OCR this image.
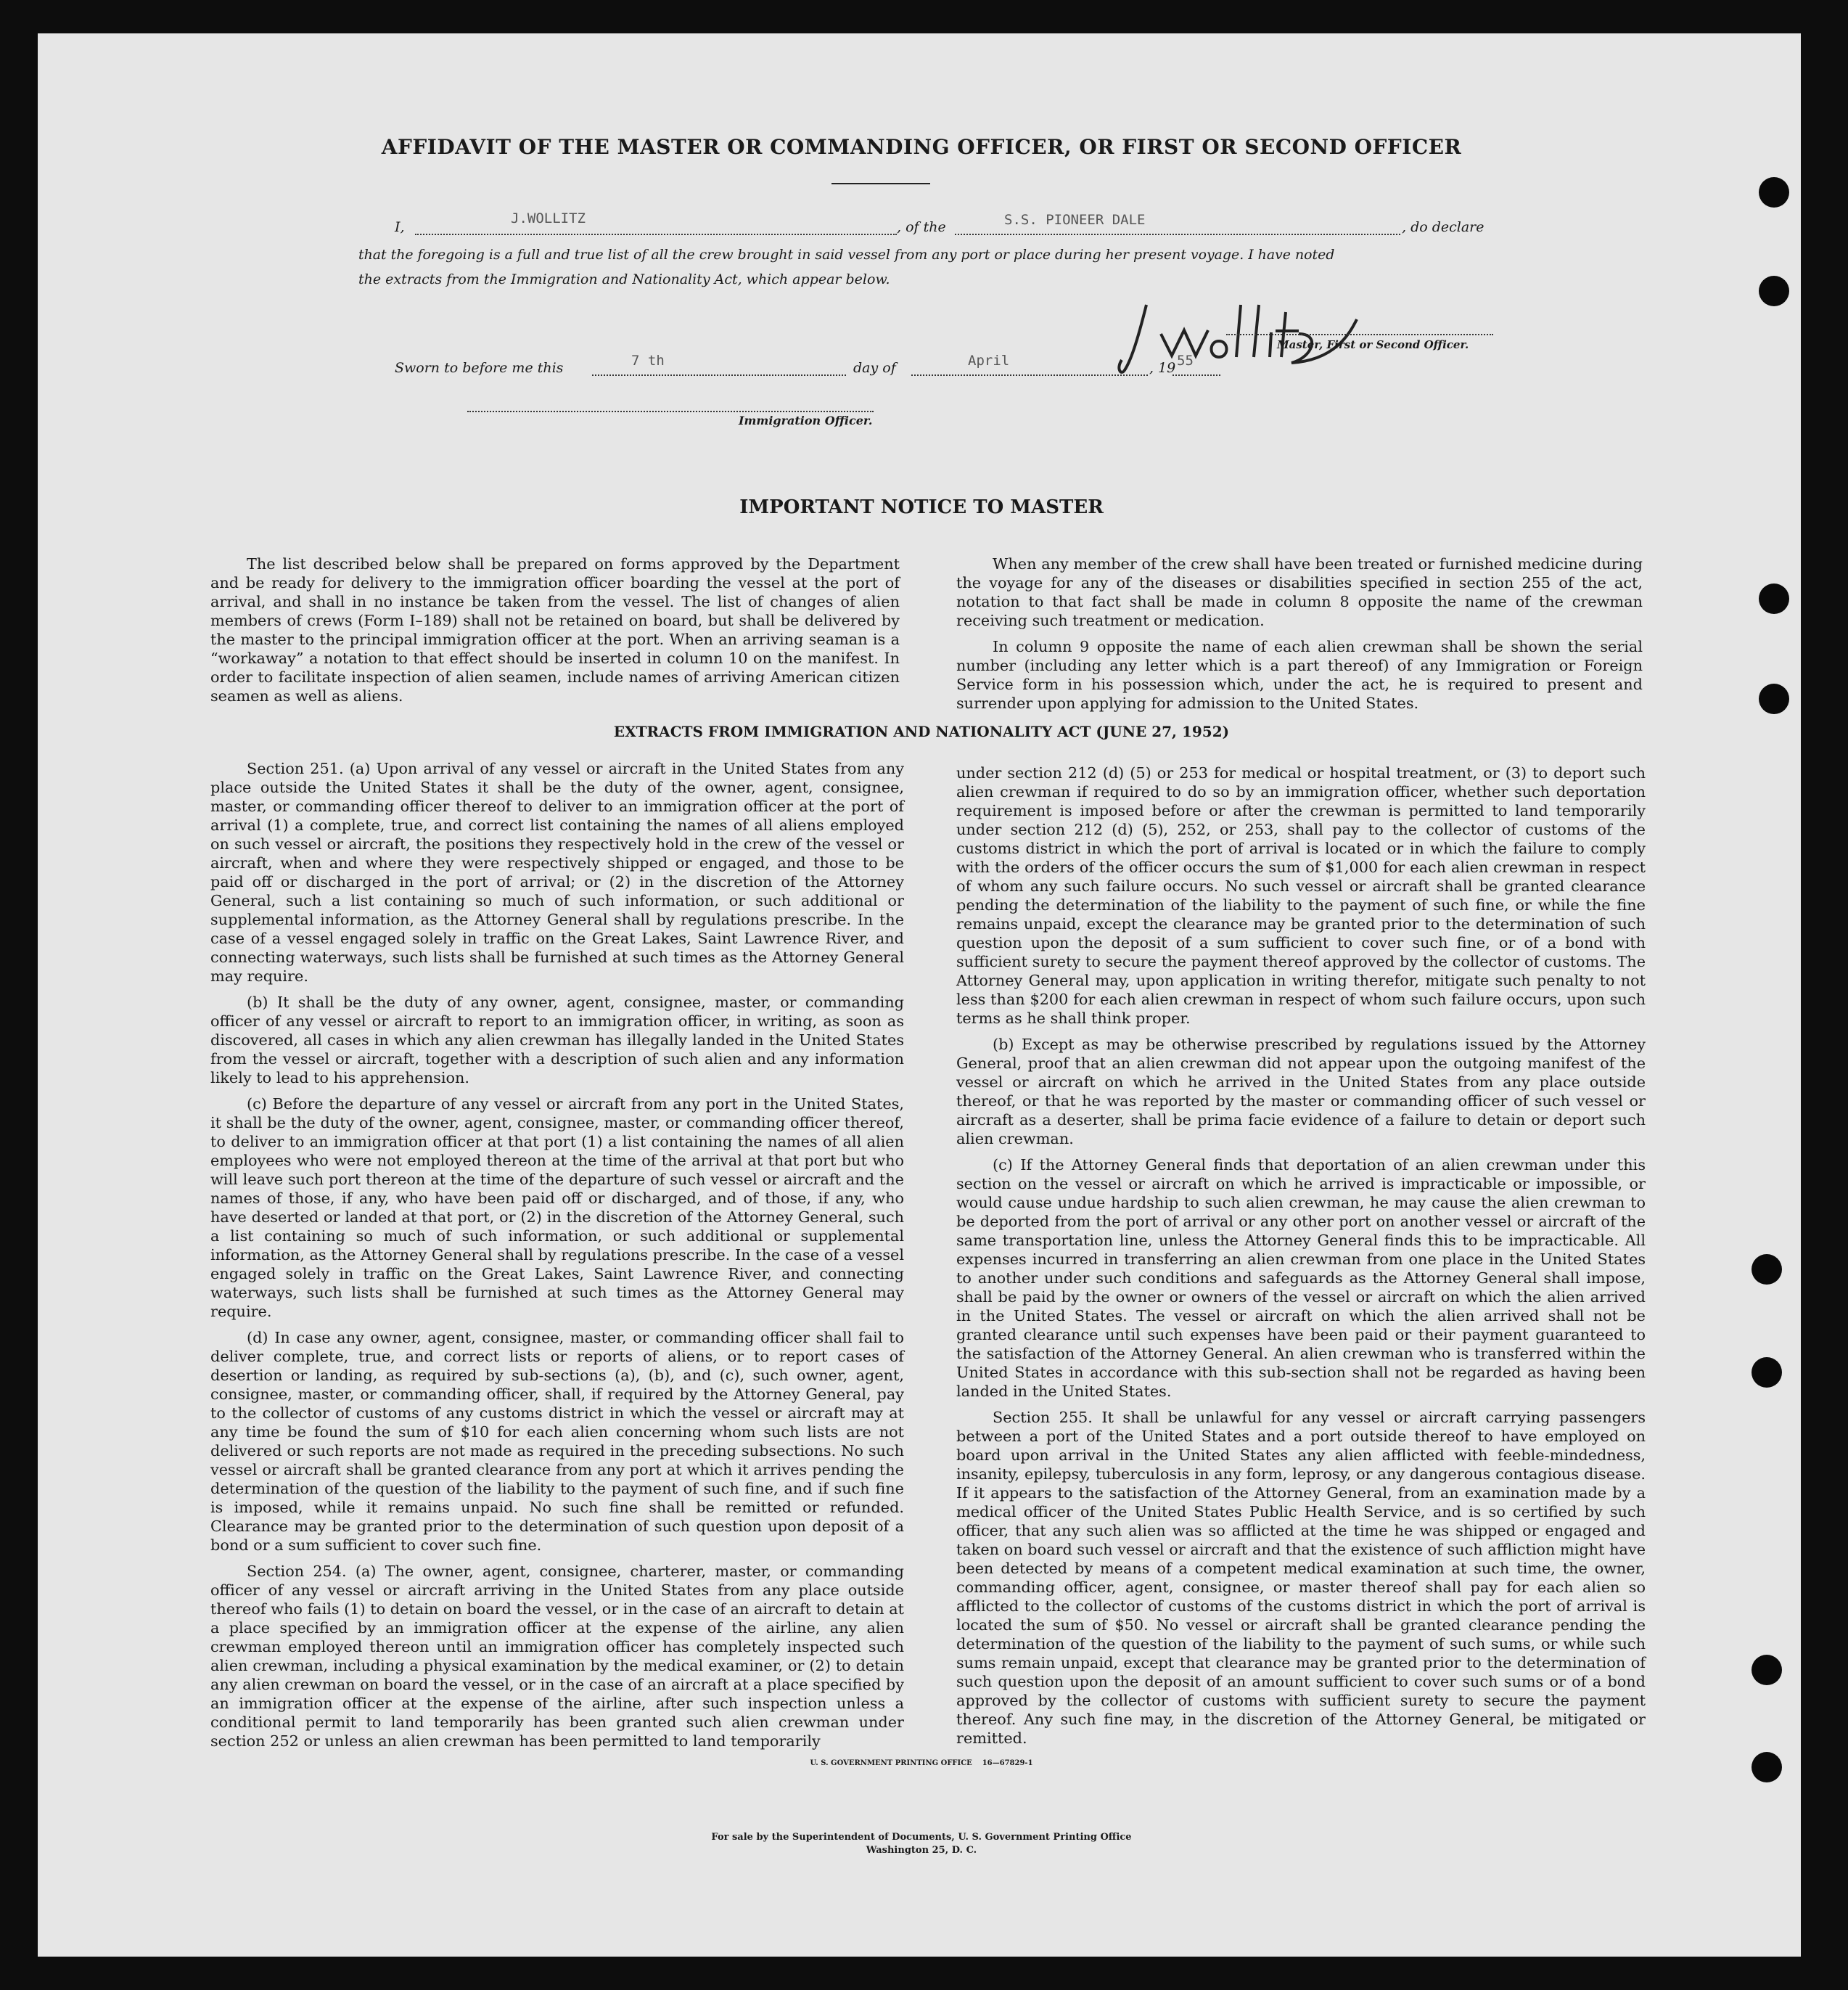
AFFIDAVIT OF THE MASTER OR COMMANDING OFFICER, OR FIRST OR SECOND OFFICER
I,
J.WOLLITZ
, of the	S.S. PIONEER DALE	, do declare
that the foregoing is a full and true list of all the crew brought in said vessel from any port or place during her present voyage. I have noted
the extracts from the Immigration and Nationality Act, which appear below.
Master, First or Second Officer.
Sworn to before me this	7 th	day of	April	, 19 55
Immigration Officer.
IMPORTANT NOTICE TO MASTER

The list described below shall be prepared on forms approved by the Department and be ready for delivery to the immigration officer boarding the vessel at the port of arrival, and shall in no instance be taken from the vessel. The list of changes of alien members of crews (Form I–189) shall not be retained on board, but shall be delivered by the master to the principal immigration officer at the port. When an arriving seaman is a “workaway” a notation to that effect should be inserted in column 10 on the manifest. In order to facilitate inspection of alien seamen, include names of arriving American citizen seamen as well as aliens.

When any member of the crew shall have been treated or furnished medicine during the voyage for any of the diseases or disabilities specified in section 255 of the act, notation to that fact shall be made in column 8 opposite the name of the crewman receiving such treatment or medication.

In column 9 opposite the name of each alien crewman shall be shown the serial number (including any letter which is a part thereof) of any Immigration or Foreign Service form in his possession which, under the act, he is required to present and surrender upon applying for admission to the United States.

EXTRACTS FROM IMMIGRATION AND NATIONALITY ACT (JUNE 27, 1952)

Section 251. (a) Upon arrival of any vessel or aircraft in the United States from any place outside the United States it shall be the duty of the owner, agent, consignee, master, or commanding officer thereof to deliver to an immigration officer at the port of arrival (1) a complete, true, and correct list containing the names of all aliens employed on such vessel or aircraft, the positions they respectively hold in the crew of the vessel or aircraft, when and where they were respectively shipped or engaged, and those to be paid off or discharged in the port of arrival; or (2) in the discretion of the Attorney General, such a list containing so much of such information, or such additional or supplemental information, as the Attorney General shall by regulations prescribe. In the case of a vessel engaged solely in traffic on the Great Lakes, Saint Lawrence River, and connecting waterways, such lists shall be furnished at such times as the Attorney General may require.

(b) It shall be the duty of any owner, agent, consignee, master, or commanding officer of any vessel or aircraft to report to an immigration officer, in writing, as soon as discovered, all cases in which any alien crewman has illegally landed in the United States from the vessel or aircraft, together with a description of such alien and any information likely to lead to his apprehension.

(c) Before the departure of any vessel or aircraft from any port in the United States, it shall be the duty of the owner, agent, consignee, master, or commanding officer thereof, to deliver to an immigration officer at that port (1) a list containing the names of all alien employees who were not employed thereon at the time of the arrival at that port but who will leave such port thereon at the time of the departure of such vessel or aircraft and the names of those, if any, who have been paid off or discharged, and of those, if any, who have deserted or landed at that port, or (2) in the discretion of the Attorney General, such a list containing so much of such information, or such additional or supplemental information, as the Attorney General shall by regulations prescribe. In the case of a vessel engaged solely in traffic on the Great Lakes, Saint Lawrence River, and connecting waterways, such lists shall be furnished at such times as the Attorney General may require.

(d) In case any owner, agent, consignee, master, or commanding officer shall fail to deliver complete, true, and correct lists or reports of aliens, or to report cases of desertion or landing, as required by sub-sections (a), (b), and (c), such owner, agent, consignee, master, or commanding officer, shall, if required by the Attorney General, pay to the collector of customs of any customs district in which the vessel or aircraft may at any time be found the sum of $10 for each alien concerning whom such lists are not delivered or such reports are not made as required in the preceding subsections. No such vessel or aircraft shall be granted clearance from any port at which it arrives pending the determination of the question of the liability to the payment of such fine, and if such fine is imposed, while it remains unpaid. No such fine shall be remitted or refunded. Clearance may be granted prior to the determination of such question upon deposit of a bond or a sum sufficient to cover such fine.

Section 254. (a) The owner, agent, consignee, charterer, master, or commanding officer of any vessel or aircraft arriving in the United States from any place outside thereof who fails (1) to detain on board the vessel, or in the case of an aircraft to detain at a place specified by an immigration officer at the expense of the airline, any alien crewman employed thereon until an immigration officer has completely inspected such alien crewman, including a physical examination by the medical examiner, or (2) to detain any alien crewman on board the vessel, or in the case of an aircraft at a place specified by an immigration officer at the expense of the airline, after such inspection unless a conditional permit to land temporarily has been granted such alien crewman under section 252 or unless an alien crewman has been permitted to land temporarily

under section 212 (d) (5) or 253 for medical or hospital treatment, or (3) to deport such alien crewman if required to do so by an immigration officer, whether such deportation requirement is imposed before or after the crewman is permitted to land temporarily under section 212 (d) (5), 252, or 253, shall pay to the collector of customs of the customs district in which the port of arrival is located or in which the failure to comply with the orders of the officer occurs the sum of $1,000 for each alien crewman in respect of whom any such failure occurs. No such vessel or aircraft shall be granted clearance pending the determination of the liability to the payment of such fine, or while the fine remains unpaid, except the clearance may be granted prior to the determination of such question upon the deposit of a sum sufficient to cover such fine, or of a bond with sufficient surety to secure the payment thereof approved by the collector of customs. The Attorney General may, upon application in writing therefor, mitigate such penalty to not less than $200 for each alien crewman in respect of whom such failure occurs, upon such terms as he shall think proper.

(b) Except as may be otherwise prescribed by regulations issued by the Attorney General, proof that an alien crewman did not appear upon the outgoing manifest of the vessel or aircraft on which he arrived in the United States from any place outside thereof, or that he was reported by the master or commanding officer of such vessel or aircraft as a deserter, shall be prima facie evidence of a failure to detain or deport such alien crewman.

(c) If the Attorney General finds that deportation of an alien crewman under this section on the vessel or aircraft on which he arrived is impracticable or impossible, or would cause undue hardship to such alien crewman, he may cause the alien crewman to be deported from the port of arrival or any other port on another vessel or aircraft of the same transportation line, unless the Attorney General finds this to be impracticable. All expenses incurred in transferring an alien crewman from one place in the United States to another under such conditions and safeguards as the Attorney General shall impose, shall be paid by the owner or owners of the vessel or aircraft on which the alien arrived in the United States. The vessel or aircraft on which the alien arrived shall not be granted clearance until such expenses have been paid or their payment guaranteed to the satisfaction of the Attorney General. An alien crewman who is transferred within the United States in accordance with this sub-section shall not be regarded as having been landed in the United States.

Section 255. It shall be unlawful for any vessel or aircraft carrying passengers between a port of the United States and a port outside thereof to have employed on board upon arrival in the United States any alien afflicted with feeble-mindedness, insanity, epilepsy, tuberculosis in any form, leprosy, or any dangerous contagious disease. If it appears to the satisfaction of the Attorney General, from an examination made by a medical officer of the United States Public Health Service, and is so certified by such officer, that any such alien was so afflicted at the time he was shipped or engaged and taken on board such vessel or aircraft and that the existence of such affliction might have been detected by means of a competent medical examination at such time, the owner, commanding officer, agent, consignee, or master thereof shall pay for each alien so afflicted to the collector of customs of the customs district in which the port of arrival is located the sum of $50. No vessel or aircraft shall be granted clearance pending the determination of the question of the liability to the payment of such sums, or while such sums remain unpaid, except that clearance may be granted prior to the determination of such question upon the deposit of an amount sufficient to cover such sums or of a bond approved by the collector of customs with sufficient surety to secure the payment thereof. Any such fine may, in the discretion of the Attorney General, be mitigated or remitted.

U. S. GOVERNMENT PRINTING OFFICE    16—67829-1
For sale by the Superintendent of Documents, U. S. Government Printing Office
Washington 25, D. C.
